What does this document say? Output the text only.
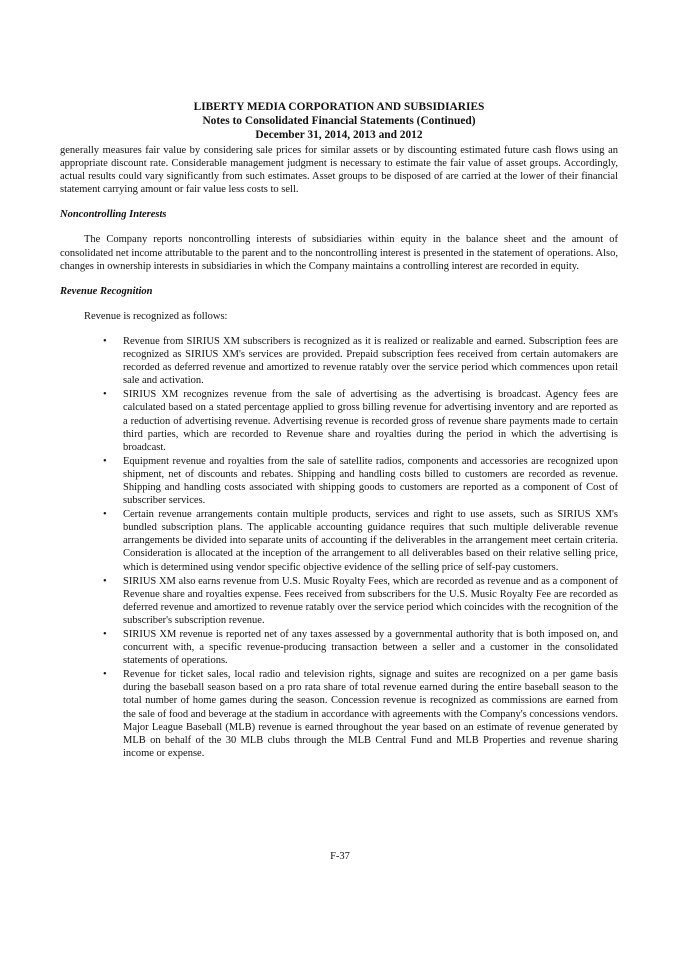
LIBERTY MEDIA CORPORATION AND SUBSIDIARIES
Notes to Consolidated Financial Statements (Continued)
December 31, 2014, 2013 and 2012

generally measures fair value by considering sale prices for similar assets or by discounting estimated future cash flows using an appropriate discount rate. Considerable management judgment is necessary to estimate the fair value of asset groups. Accordingly, actual results could vary significantly from such estimates. Asset groups to be disposed of are carried at the lower of their financial statement carrying amount or fair value less costs to sell.

Noncontrolling Interests

The Company reports noncontrolling interests of subsidiaries within equity in the balance sheet and the amount of consolidated net income attributable to the parent and to the noncontrolling interest is presented in the statement of operations. Also, changes in ownership interests in subsidiaries in which the Company maintains a controlling interest are recorded in equity.

Revenue Recognition

Revenue is recognized as follows:

• Revenue from SIRIUS XM subscribers is recognized as it is realized or realizable and earned. Subscription fees are recognized as SIRIUS XM's services are provided. Prepaid subscription fees received from certain automakers are recorded as deferred revenue and amortized to revenue ratably over the service period which commences upon retail sale and activation.

• SIRIUS XM recognizes revenue from the sale of advertising as the advertising is broadcast. Agency fees are calculated based on a stated percentage applied to gross billing revenue for advertising inventory and are reported as a reduction of advertising revenue. Advertising revenue is recorded gross of revenue share payments made to certain third parties, which are recorded to Revenue share and royalties during the period in which the advertising is broadcast.

• Equipment revenue and royalties from the sale of satellite radios, components and accessories are recognized upon shipment, net of discounts and rebates. Shipping and handling costs billed to customers are recorded as revenue. Shipping and handling costs associated with shipping goods to customers are reported as a component of Cost of subscriber services.

• Certain revenue arrangements contain multiple products, services and right to use assets, such as SIRIUS XM's bundled subscription plans. The applicable accounting guidance requires that such multiple deliverable revenue arrangements be divided into separate units of accounting if the deliverables in the arrangement meet certain criteria. Consideration is allocated at the inception of the arrangement to all deliverables based on their relative selling price, which is determined using vendor specific objective evidence of the selling price of self-pay customers.

• SIRIUS XM also earns revenue from U.S. Music Royalty Fees, which are recorded as revenue and as a component of Revenue share and royalties expense. Fees received from subscribers for the U.S. Music Royalty Fee are recorded as deferred revenue and amortized to revenue ratably over the service period which coincides with the recognition of the subscriber's subscription revenue.

• SIRIUS XM revenue is reported net of any taxes assessed by a governmental authority that is both imposed on, and concurrent with, a specific revenue-producing transaction between a seller and a customer in the consolidated statements of operations.

• Revenue for ticket sales, local radio and television rights, signage and suites are recognized on a per game basis during the baseball season based on a pro rata share of total revenue earned during the entire baseball season to the total number of home games during the season. Concession revenue is recognized as commissions are earned from the sale of food and beverage at the stadium in accordance with agreements with the Company's concessions vendors. Major League Baseball (MLB) revenue is earned throughout the year based on an estimate of revenue generated by MLB on behalf of the 30 MLB clubs through the MLB Central Fund and MLB Properties and revenue sharing income or expense.

F-37
